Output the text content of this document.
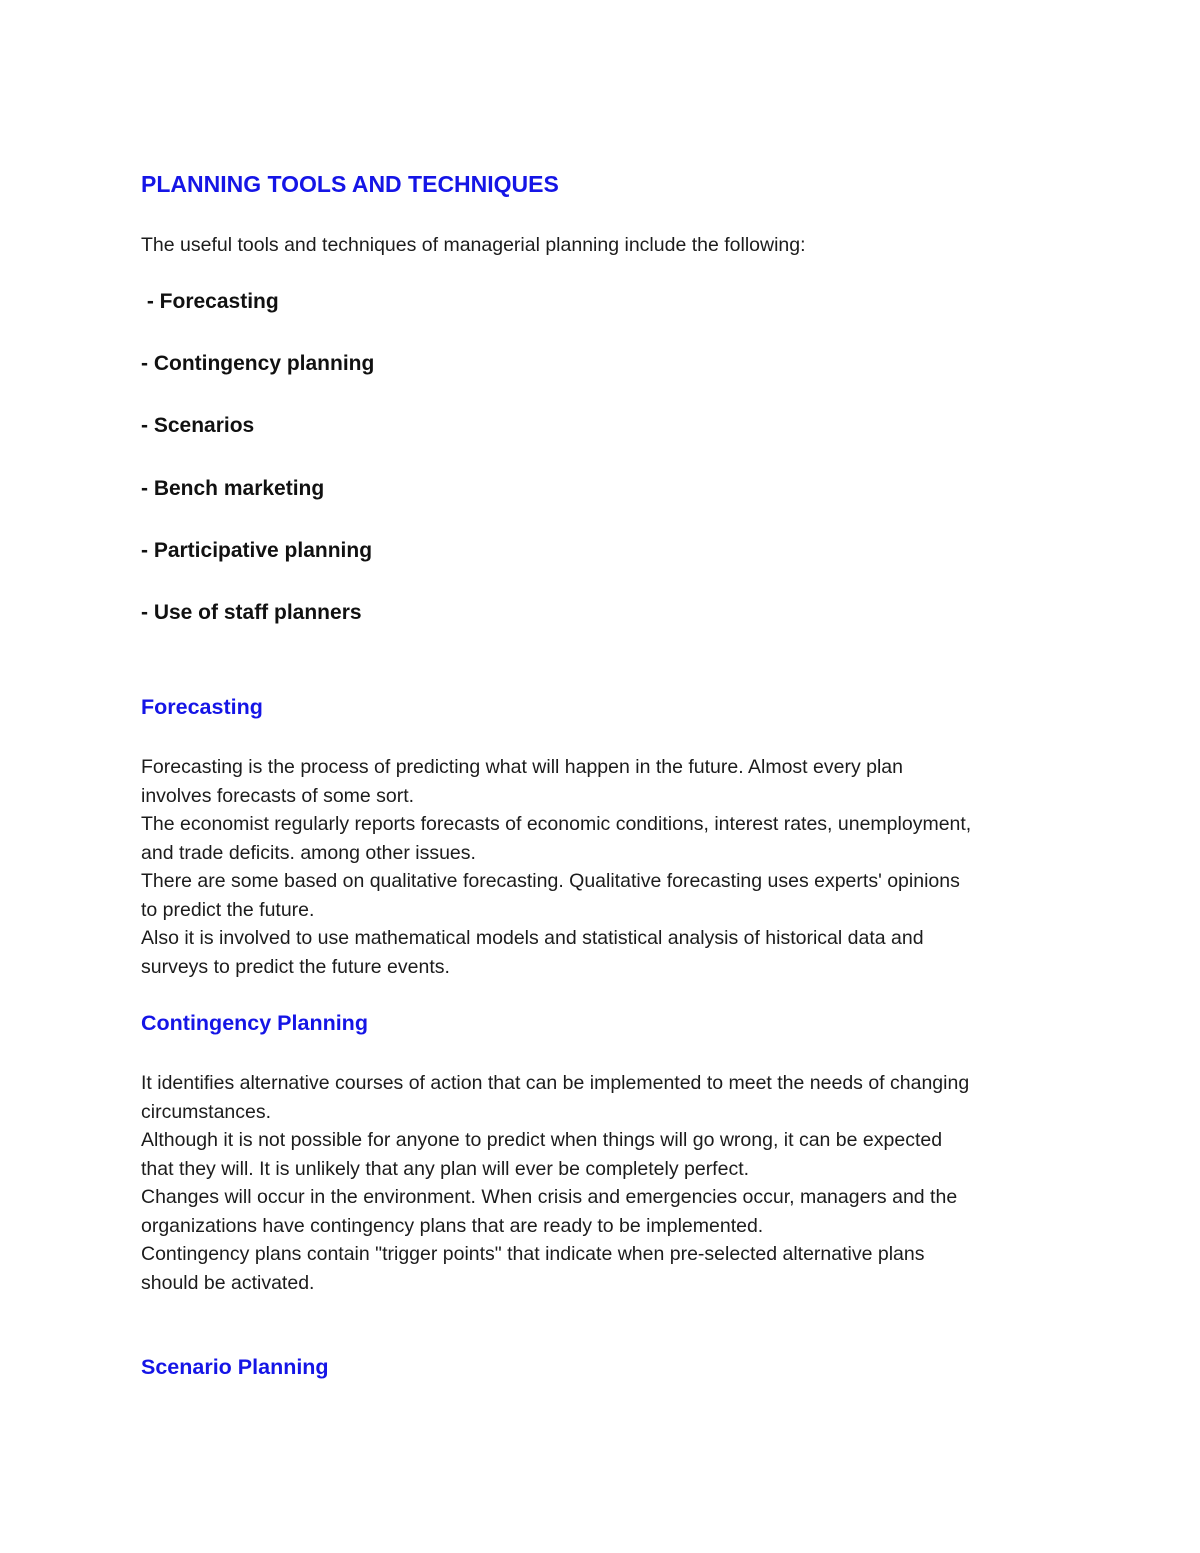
PLANNING TOOLS AND TECHNIQUES

The useful tools and techniques of managerial planning include the following:

- Forecasting

- Contingency planning

- Scenarios

- Bench marketing

- Participative planning

- Use of staff planners

Forecasting
Forecasting is the process of predicting what will happen in the future. Almost every plan
involves forecasts of some sort.
The economist regularly reports forecasts of economic conditions, interest rates, unemployment,
and trade deficits. among other issues.
There are some based on qualitative forecasting. Qualitative forecasting uses experts' opinions
to predict the future.
Also it is involved to use mathematical models and statistical analysis of historical data and
surveys to predict the future events.
Contingency Planning
It identifies alternative courses of action that can be implemented to meet the needs of changing
circumstances.
Although it is not possible for anyone to predict when things will go wrong, it can be expected
that they will. It is unlikely that any plan will ever be completely perfect.
Changes will occur in the environment. When crisis and emergencies occur, managers and the
organizations have contingency plans that are ready to be implemented.
Contingency plans contain "trigger points" that indicate when pre-selected alternative plans
should be activated.
Scenario Planning
